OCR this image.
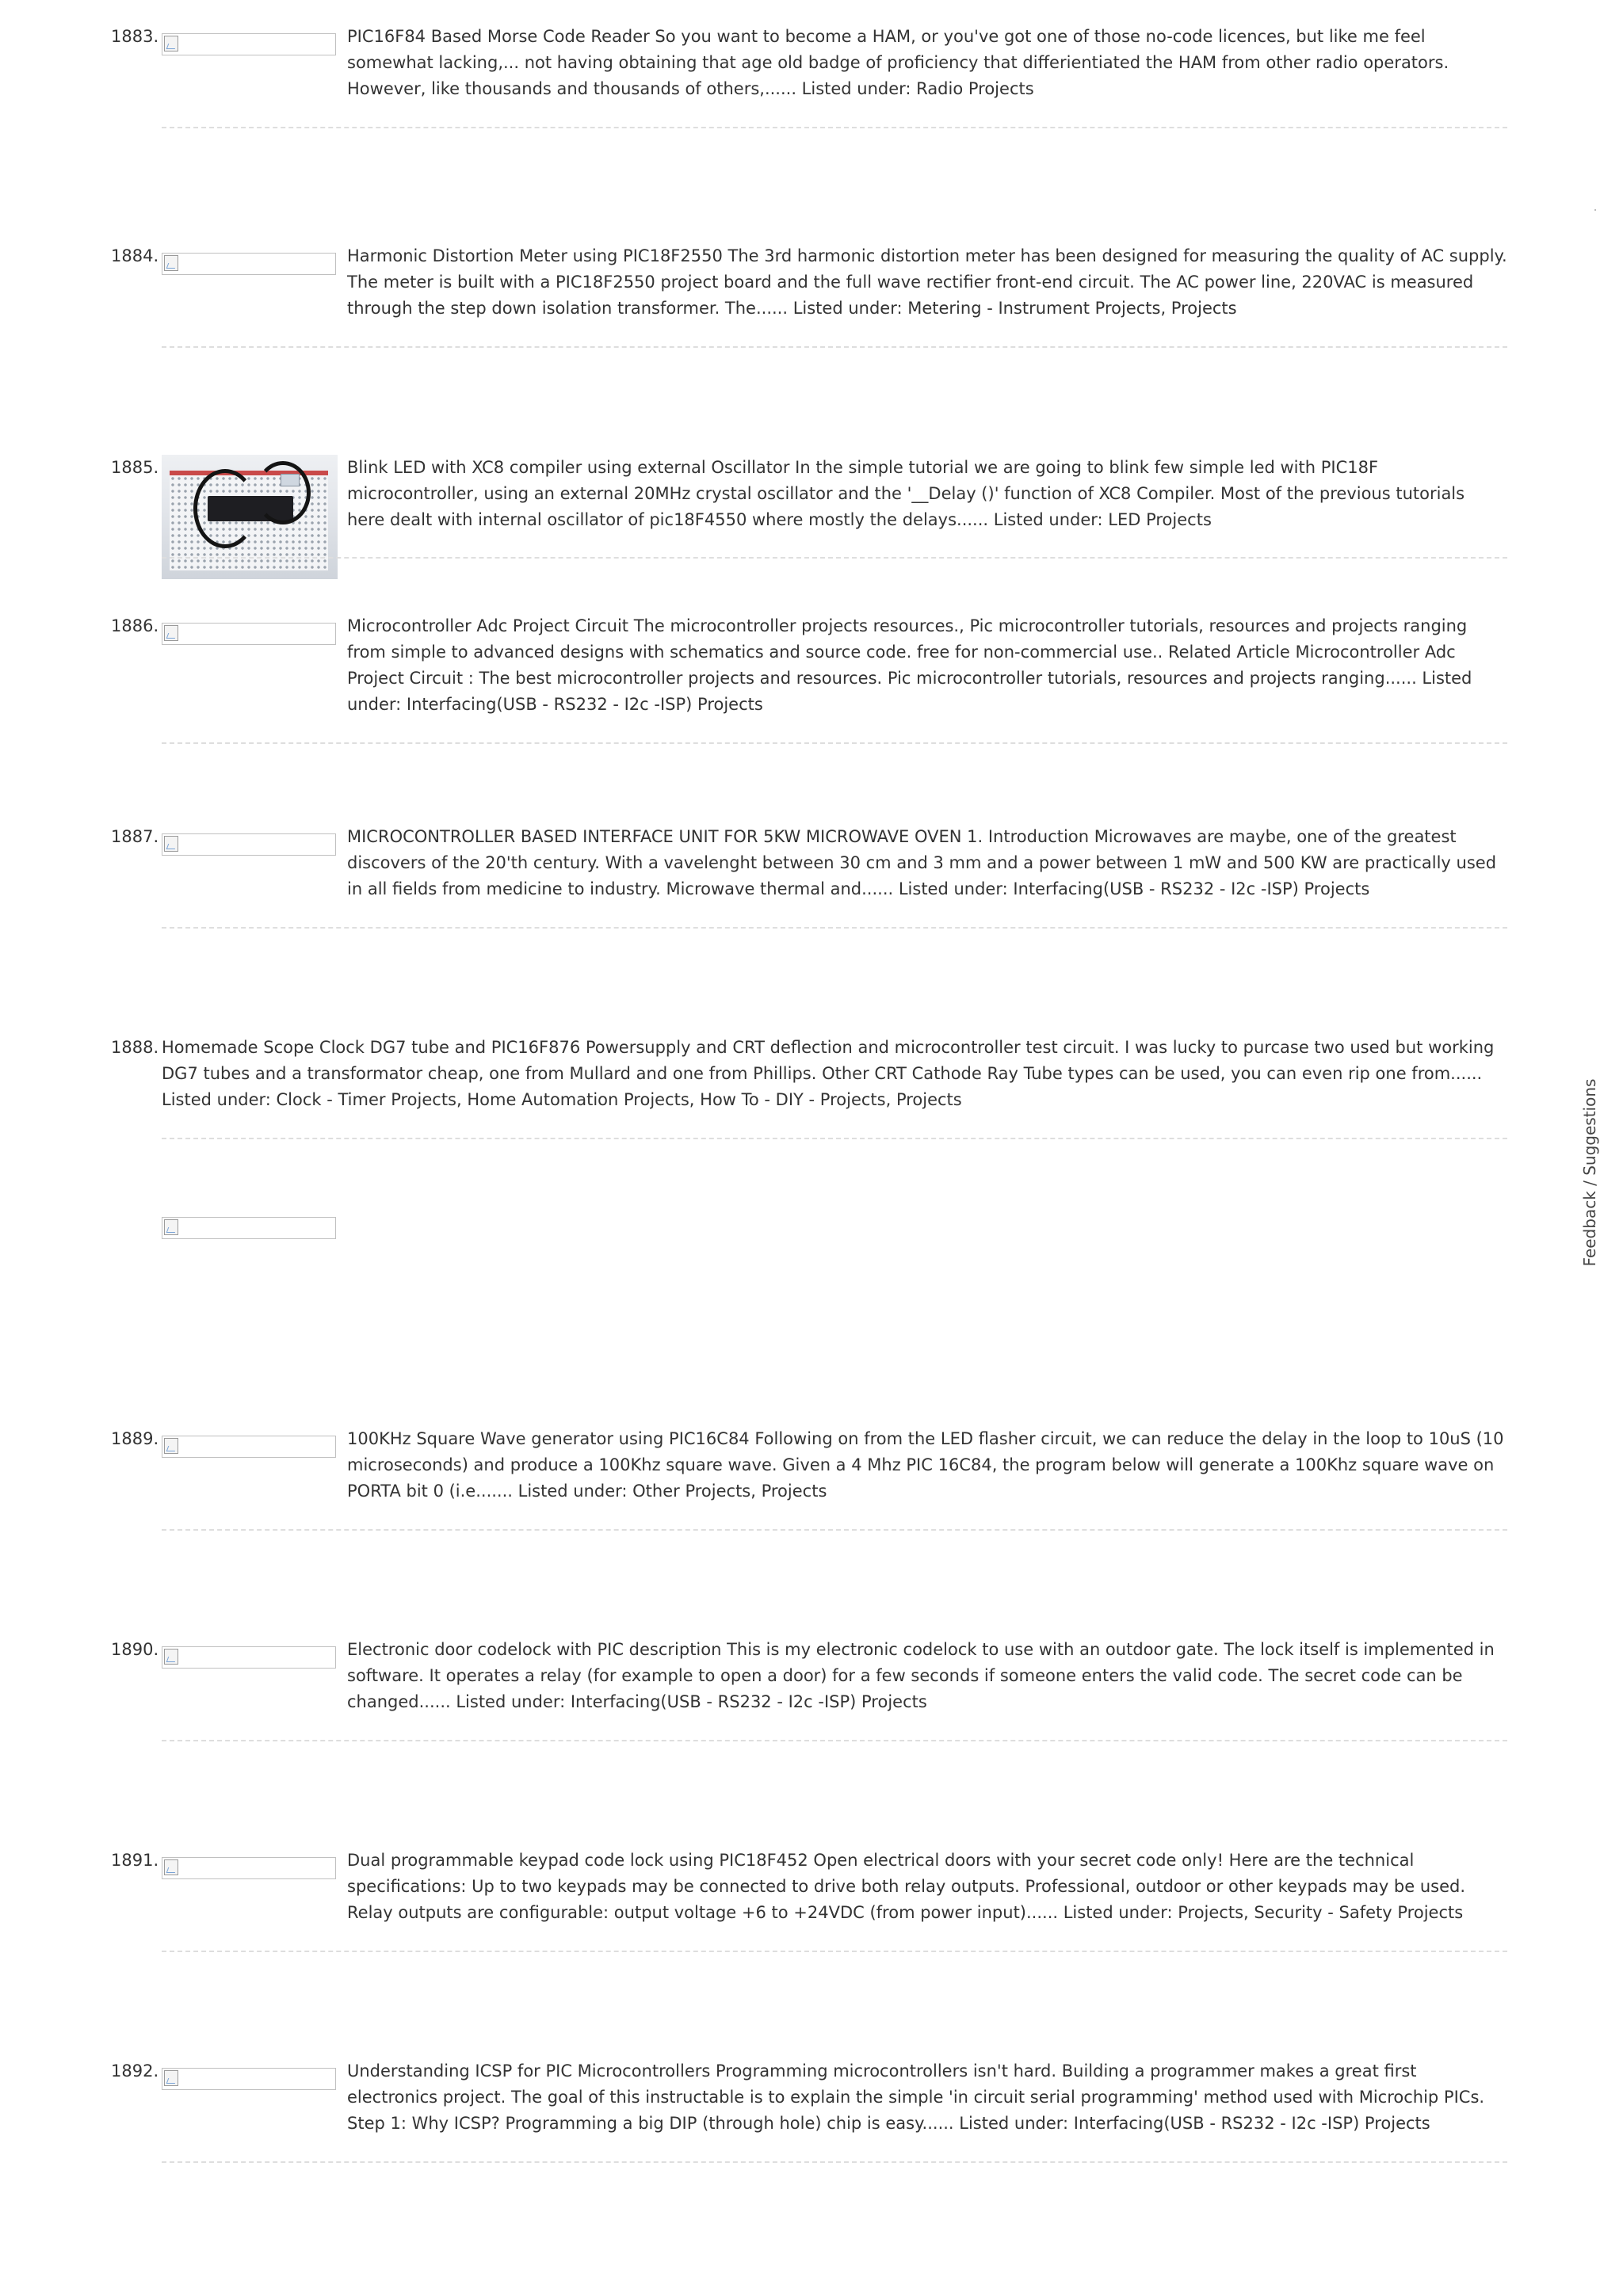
1883.	PIC16F84 Based Morse Code Reader So you want to become a HAM, or you've got one of those no-code licences, but like me feel somewhat lacking,... not having obtaining that age old badge of proficiency that differientiated the HAM from other radio operators. However, like thousands and thousands of others,...... Listed under: Radio Projects
1884.	Harmonic Distortion Meter using PIC18F2550 The 3rd harmonic distortion meter has been designed for measuring the quality of AC supply. The meter is built with a PIC18F2550 project board and the full wave rectifier front-end circuit. The AC power line, 220VAC is measured through the step down isolation transformer. The...... Listed under: Metering - Instrument Projects, Projects
1885.	Blink LED with XC8 compiler using external Oscillator In the simple tutorial we are going to blink few simple led with PIC18F microcontroller, using an external 20MHz crystal oscillator and the '__Delay ()' function of XC8 Compiler. Most of the previous tutorials here dealt with internal oscillator of pic18F4550 where mostly the delays...... Listed under: LED Projects
1886.	Microcontroller Adc Project Circuit The microcontroller projects resources., Pic microcontroller tutorials, resources and projects ranging from simple to advanced designs with schematics and source code. free for non-commercial use.. Related Article Microcontroller Adc Project Circuit : The best microcontroller projects and resources. Pic microcontroller tutorials, resources and projects ranging...... Listed under: Interfacing(USB - RS232 - I2c -ISP) Projects
1887.	MICROCONTROLLER BASED INTERFACE UNIT FOR 5KW MICROWAVE OVEN 1. Introduction Microwaves are maybe, one of the greatest discovers of the 20'th century. With a vavelenght between 30 cm and 3 mm and a power between 1 mW and 500 KW are practically used in all fields from medicine to industry. Microwave thermal and...... Listed under: Interfacing(USB - RS232 - I2c -ISP) Projects
1888. Homemade Scope Clock DG7 tube and PIC16F876 Powersupply and CRT deflection and microcontroller test circuit. I was lucky to purcase two used but working DG7 tubes and a transformator cheap, one from Mullard and one from Phillips. Other CRT Cathode Ray Tube types can be used, you can even rip one from...... Listed under: Clock - Timer Projects, Home Automation Projects, How To - DIY - Projects, Projects
1889.	100KHz Square Wave generator using PIC16C84 Following on from the LED flasher circuit, we can reduce the delay in the loop to 10uS (10 microseconds) and produce a 100Khz square wave. Given a 4 Mhz PIC 16C84, the program below will generate a 100Khz square wave on PORTA bit 0 (i.e....... Listed under: Other Projects, Projects
1890.	Electronic door codelock with PIC description This is my electronic codelock to use with an outdoor gate. The lock itself is implemented in software. It operates a relay (for example to open a door) for a few seconds if someone enters the valid code. The secret code can be changed...... Listed under: Interfacing(USB - RS232 - I2c -ISP) Projects
1891.	Dual programmable keypad code lock using PIC18F452 Open electrical doors with your secret code only! Here are the technical specifications: Up to two keypads may be connected to drive both relay outputs. Professional, outdoor or other keypads may be used. Relay outputs are configurable: output voltage +6 to +24VDC (from power input)...... Listed under: Projects, Security - Safety Projects
1892.	Understanding ICSP for PIC Microcontrollers Programming microcontrollers isn't hard. Building a programmer makes a great first electronics project. The goal of this instructable is to explain the simple 'in circuit serial programming' method used with Microchip PICs. Step 1: Why ICSP? Programming a big DIP (through hole) chip is easy...... Listed under: Interfacing(USB - RS232 - I2c -ISP) Projects
Feedback / Suggestions
